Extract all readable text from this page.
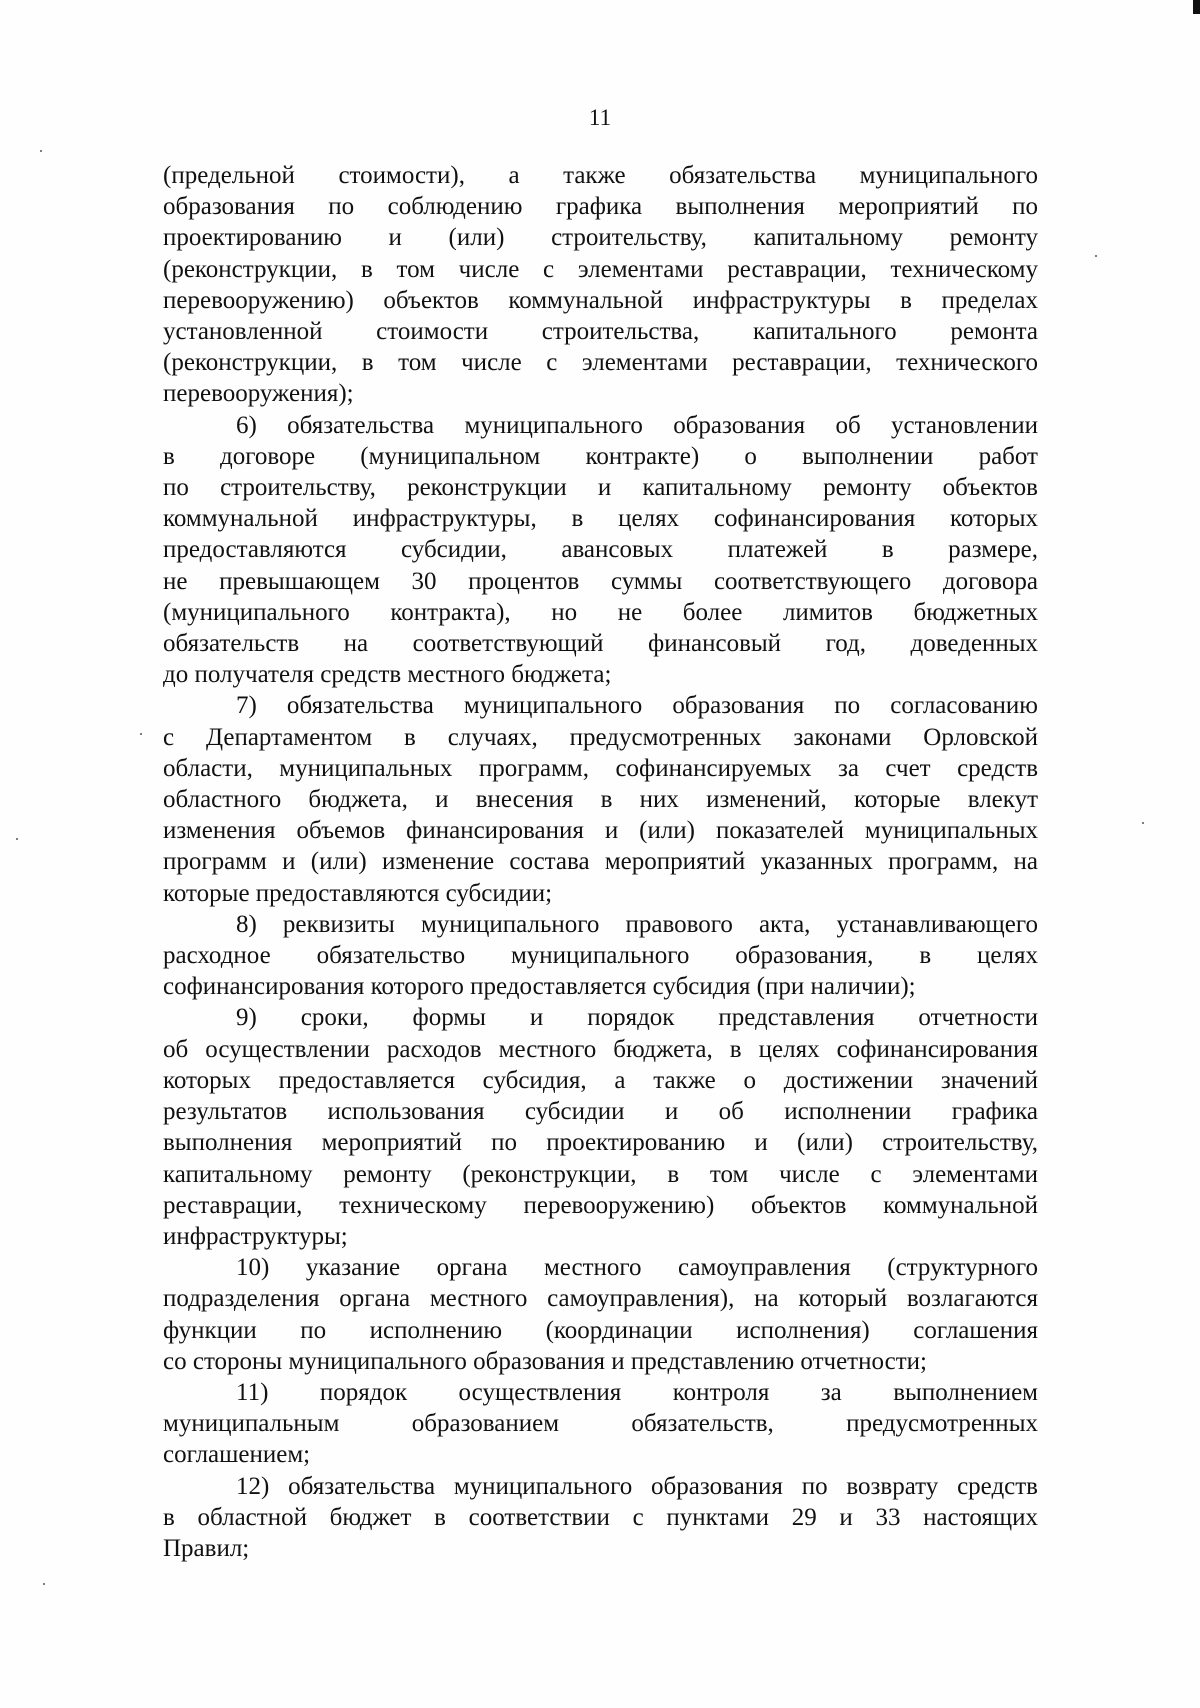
11
(предельной стоимости), а также обязательства муниципального
образования по соблюдению графика выполнения мероприятий по
проектированию и (или) строительству, капитальному ремонту
(реконструкции, в том числе с элементами реставрации, техническому
перевооружению) объектов коммунальной инфраструктуры в пределах
установленной стоимости строительства, капитального ремонта
(реконструкции, в том числе с элементами реставрации, технического
перевооружения);
6) обязательства муниципального образования об установлении
в договоре (муниципальном контракте) о выполнении работ
по строительству, реконструкции и капитальному ремонту объектов
коммунальной инфраструктуры, в целях софинансирования которых
предоставляются субсидии, авансовых платежей в размере,
не превышающем 30 процентов суммы соответствующего договора
(муниципального контракта), но не более лимитов бюджетных
обязательств на соответствующий финансовый год, доведенных
до получателя средств местного бюджета;
7) обязательства муниципального образования по согласованию
с Департаментом в случаях, предусмотренных законами Орловской
области, муниципальных программ, софинансируемых за счет средств
областного бюджета, и внесения в них изменений, которые влекут
изменения объемов финансирования и (или) показателей муниципальных
программ и (или) изменение состава мероприятий указанных программ, на
которые предоставляются субсидии;
8) реквизиты муниципального правового акта, устанавливающего
расходное обязательство муниципального образования, в целях
софинансирования которого предоставляется субсидия (при наличии);
9) сроки, формы и порядок представления отчетности
об осуществлении расходов местного бюджета, в целях софинансирования
которых предоставляется субсидия, а также о достижении значений
результатов использования субсидии и об исполнении графика
выполнения мероприятий по проектированию и (или) строительству,
капитальному ремонту (реконструкции, в том числе с элементами
реставрации, техническому перевооружению) объектов коммунальной
инфраструктуры;
10) указание органа местного самоуправления (структурного
подразделения органа местного самоуправления), на который возлагаются
функции по исполнению (координации исполнения) соглашения
со стороны муниципального образования и представлению отчетности;
11) порядок осуществления контроля за выполнением
муниципальным образованием обязательств, предусмотренных
соглашением;
12) обязательства муниципального образования по возврату средств
в областной бюджет в соответствии с пунктами 29 и 33 настоящих
Правил;
